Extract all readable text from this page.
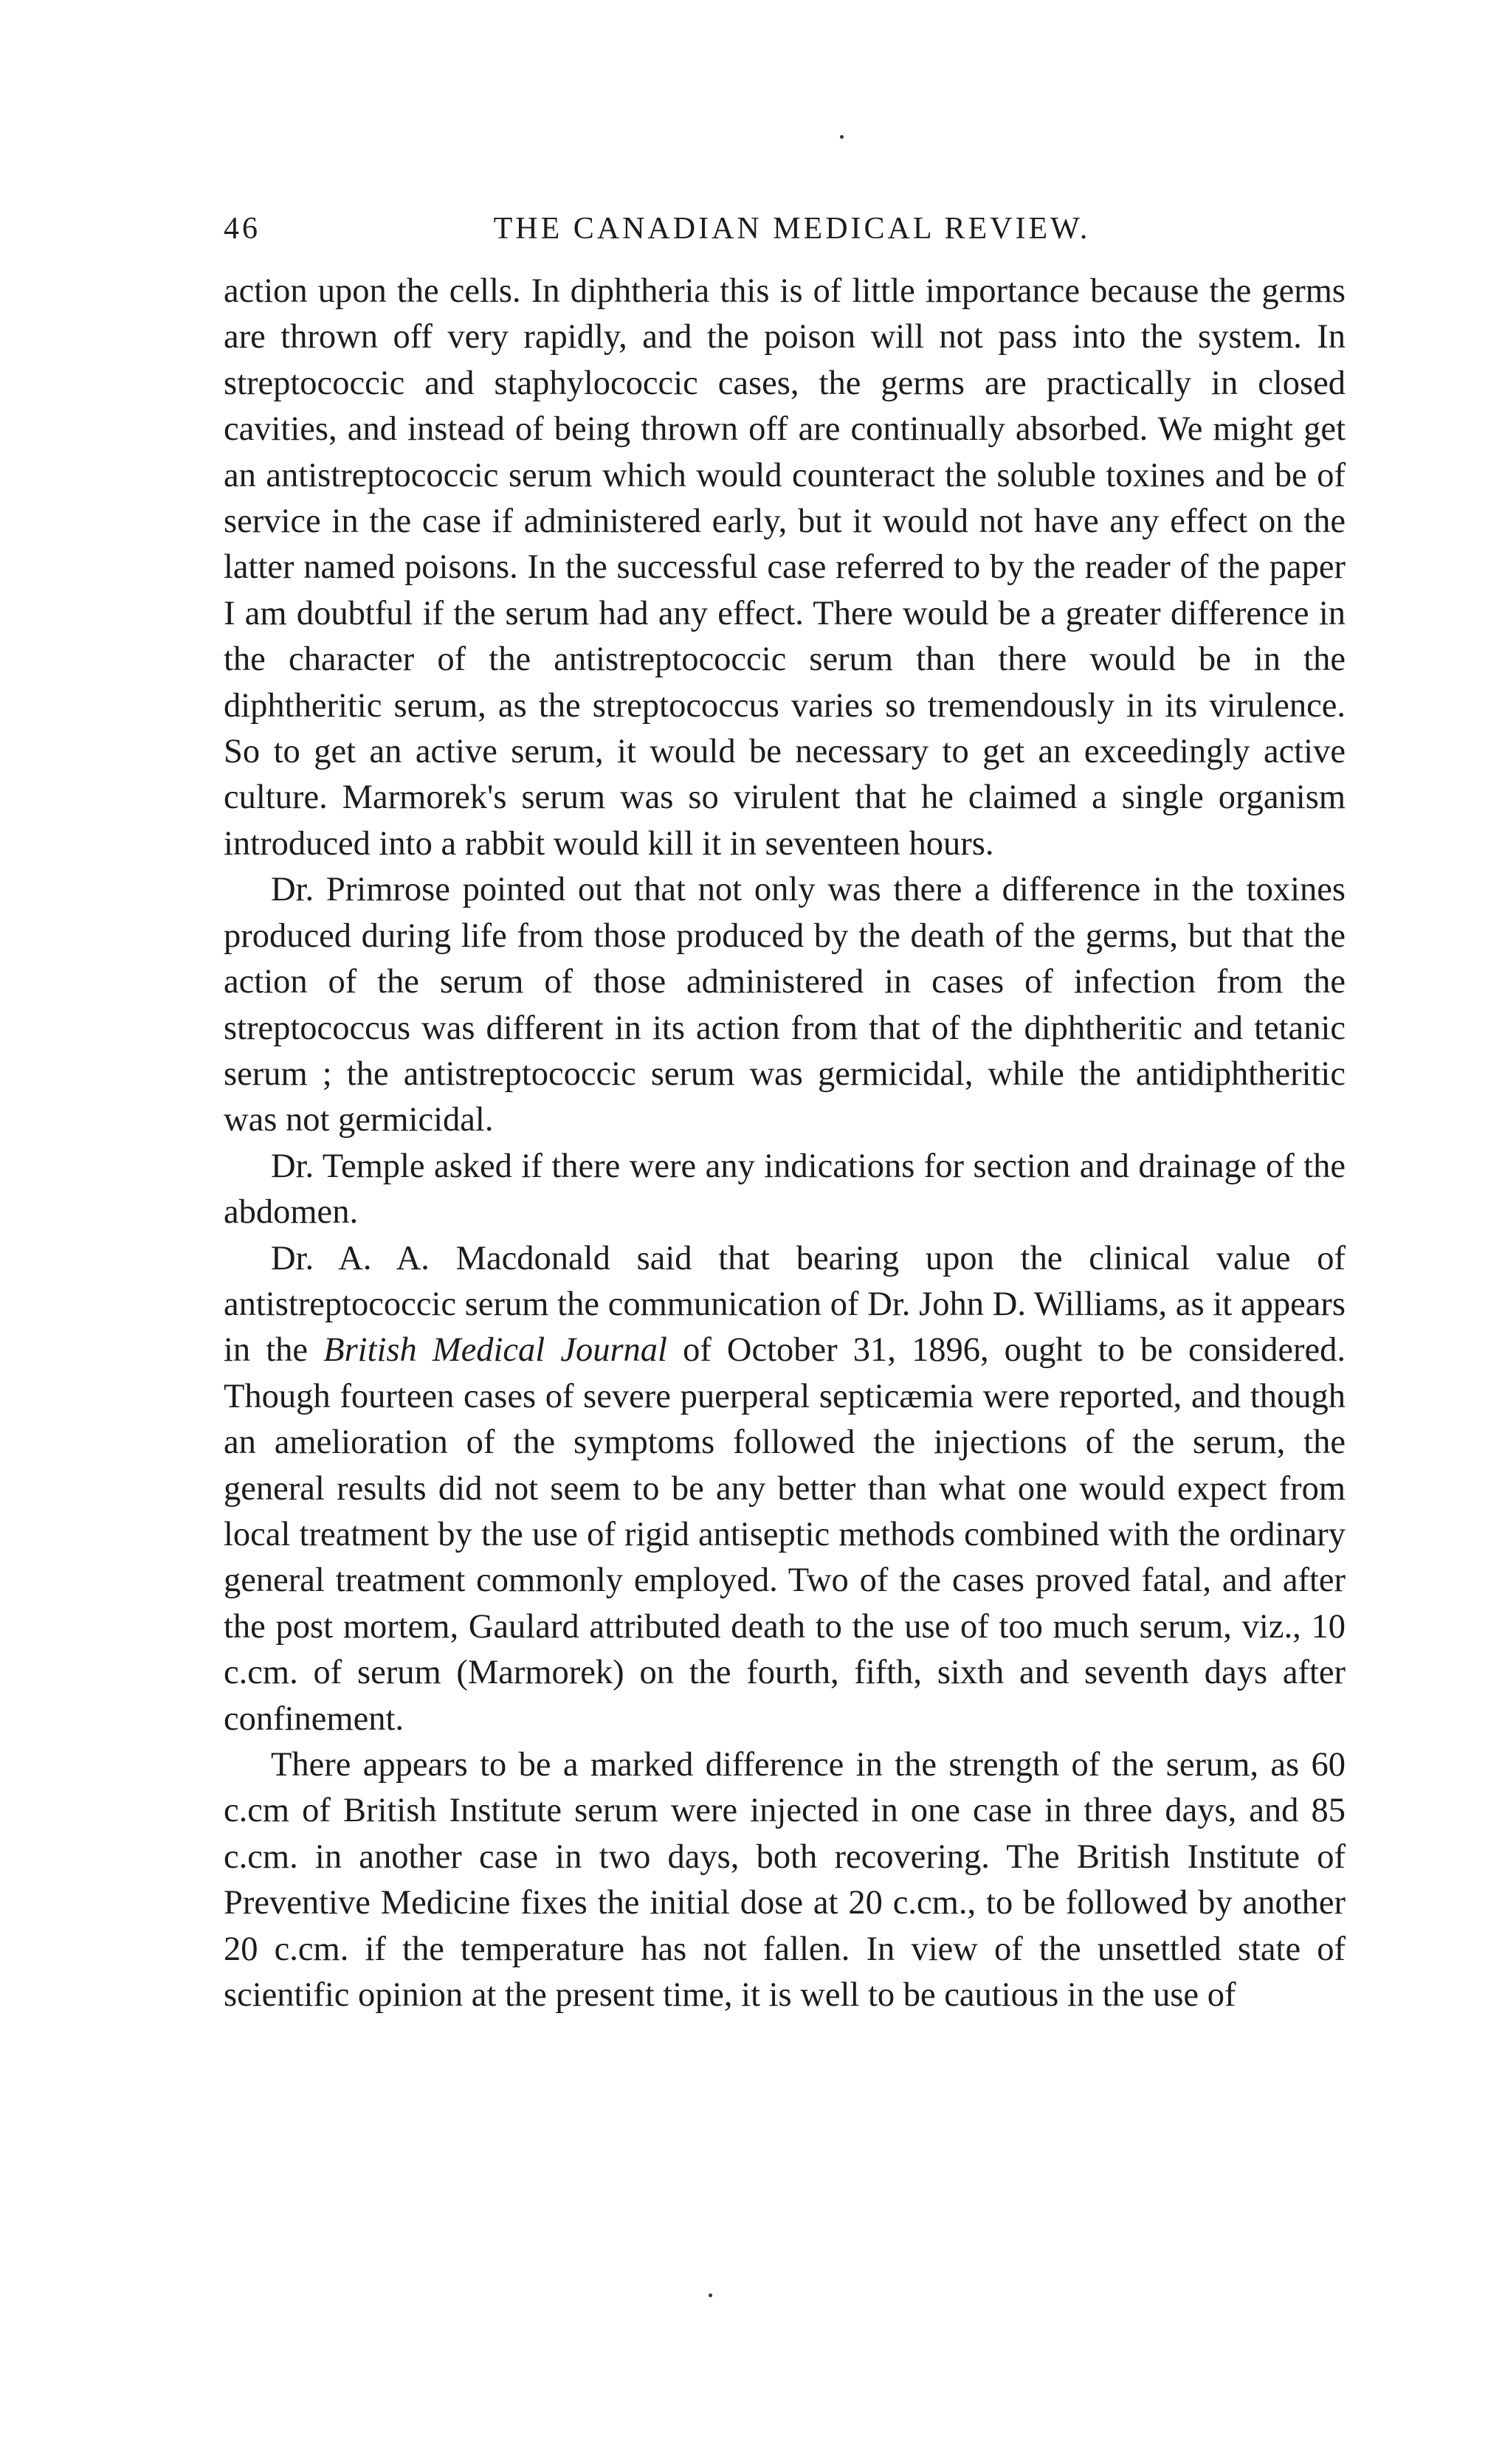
46	THE CANADIAN MEDICAL REVIEW.

action upon the cells. In diphtheria this is of little importance because the germs are thrown off very rapidly, and the poison will not pass into the system. In streptococcic and staphylococcic cases, the germs are practically in closed cavities, and instead of being thrown off are continually absorbed. We might get an antistreptococcic serum which would counteract the soluble toxines and be of service in the case if administered early, but it would not have any effect on the latter named poisons. In the successful case referred to by the reader of the paper I am doubtful if the serum had any effect. There would be a greater difference in the character of the antistreptococcic serum than there would be in the diphtheritic serum, as the streptococcus varies so tremendously in its virulence. So to get an active serum, it would be necessary to get an exceedingly active culture. Marmorek's serum was so virulent that he claimed a single organism introduced into a rabbit would kill it in seventeen hours.

Dr. Primrose pointed out that not only was there a difference in the toxines produced during life from those produced by the death of the germs, but that the action of the serum of those administered in cases of infection from the streptococcus was different in its action from that of the diphtheritic and tetanic serum ; the antistreptococcic serum was germicidal, while the antidiphtheritic was not germicidal.

Dr. Temple asked if there were any indications for section and drainage of the abdomen.

Dr. A. A. Macdonald said that bearing upon the clinical value of antistreptococcic serum the communication of Dr. John D. Williams, as it appears in the British Medical Journal of October 31, 1896, ought to be considered. Though fourteen cases of severe puerperal septicæmia were reported, and though an amelioration of the symptoms followed the injections of the serum, the general results did not seem to be any better than what one would expect from local treatment by the use of rigid antiseptic methods combined with the ordinary general treatment commonly employed. Two of the cases proved fatal, and after the post mortem, Gaulard attributed death to the use of too much serum, viz., 10 c.cm. of serum (Marmorek) on the fourth, fifth, sixth and seventh days after confinement.

There appears to be a marked difference in the strength of the serum, as 60 c.cm of British Institute serum were injected in one case in three days, and 85 c.cm. in another case in two days, both recovering. The British Institute of Preventive Medicine fixes the initial dose at 20 c.cm., to be followed by another 20 c.cm. if the temperature has not fallen. In view of the unsettled state of scientific opinion at the present time, it is well to be cautious in the use of
